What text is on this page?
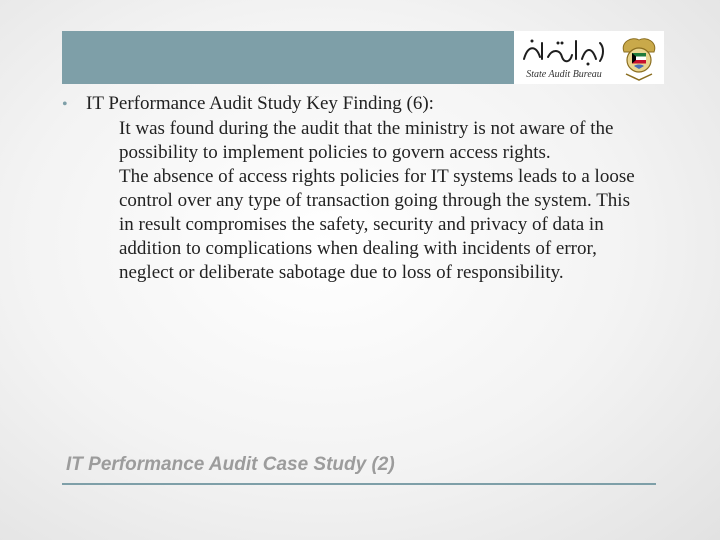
State Audit Bureau
• IT Performance Audit Study Key Finding (6):
It was found during the audit that the ministry is not aware of the possibility to implement policies to govern access rights.
The absence of access rights policies for IT systems leads to a loose control over any type of transaction going through the system. This in result compromises the safety, security and privacy of data in addition to complications when dealing with incidents of error, neglect or deliberate sabotage due to loss of responsibility.
IT Performance Audit Case Study (2)
